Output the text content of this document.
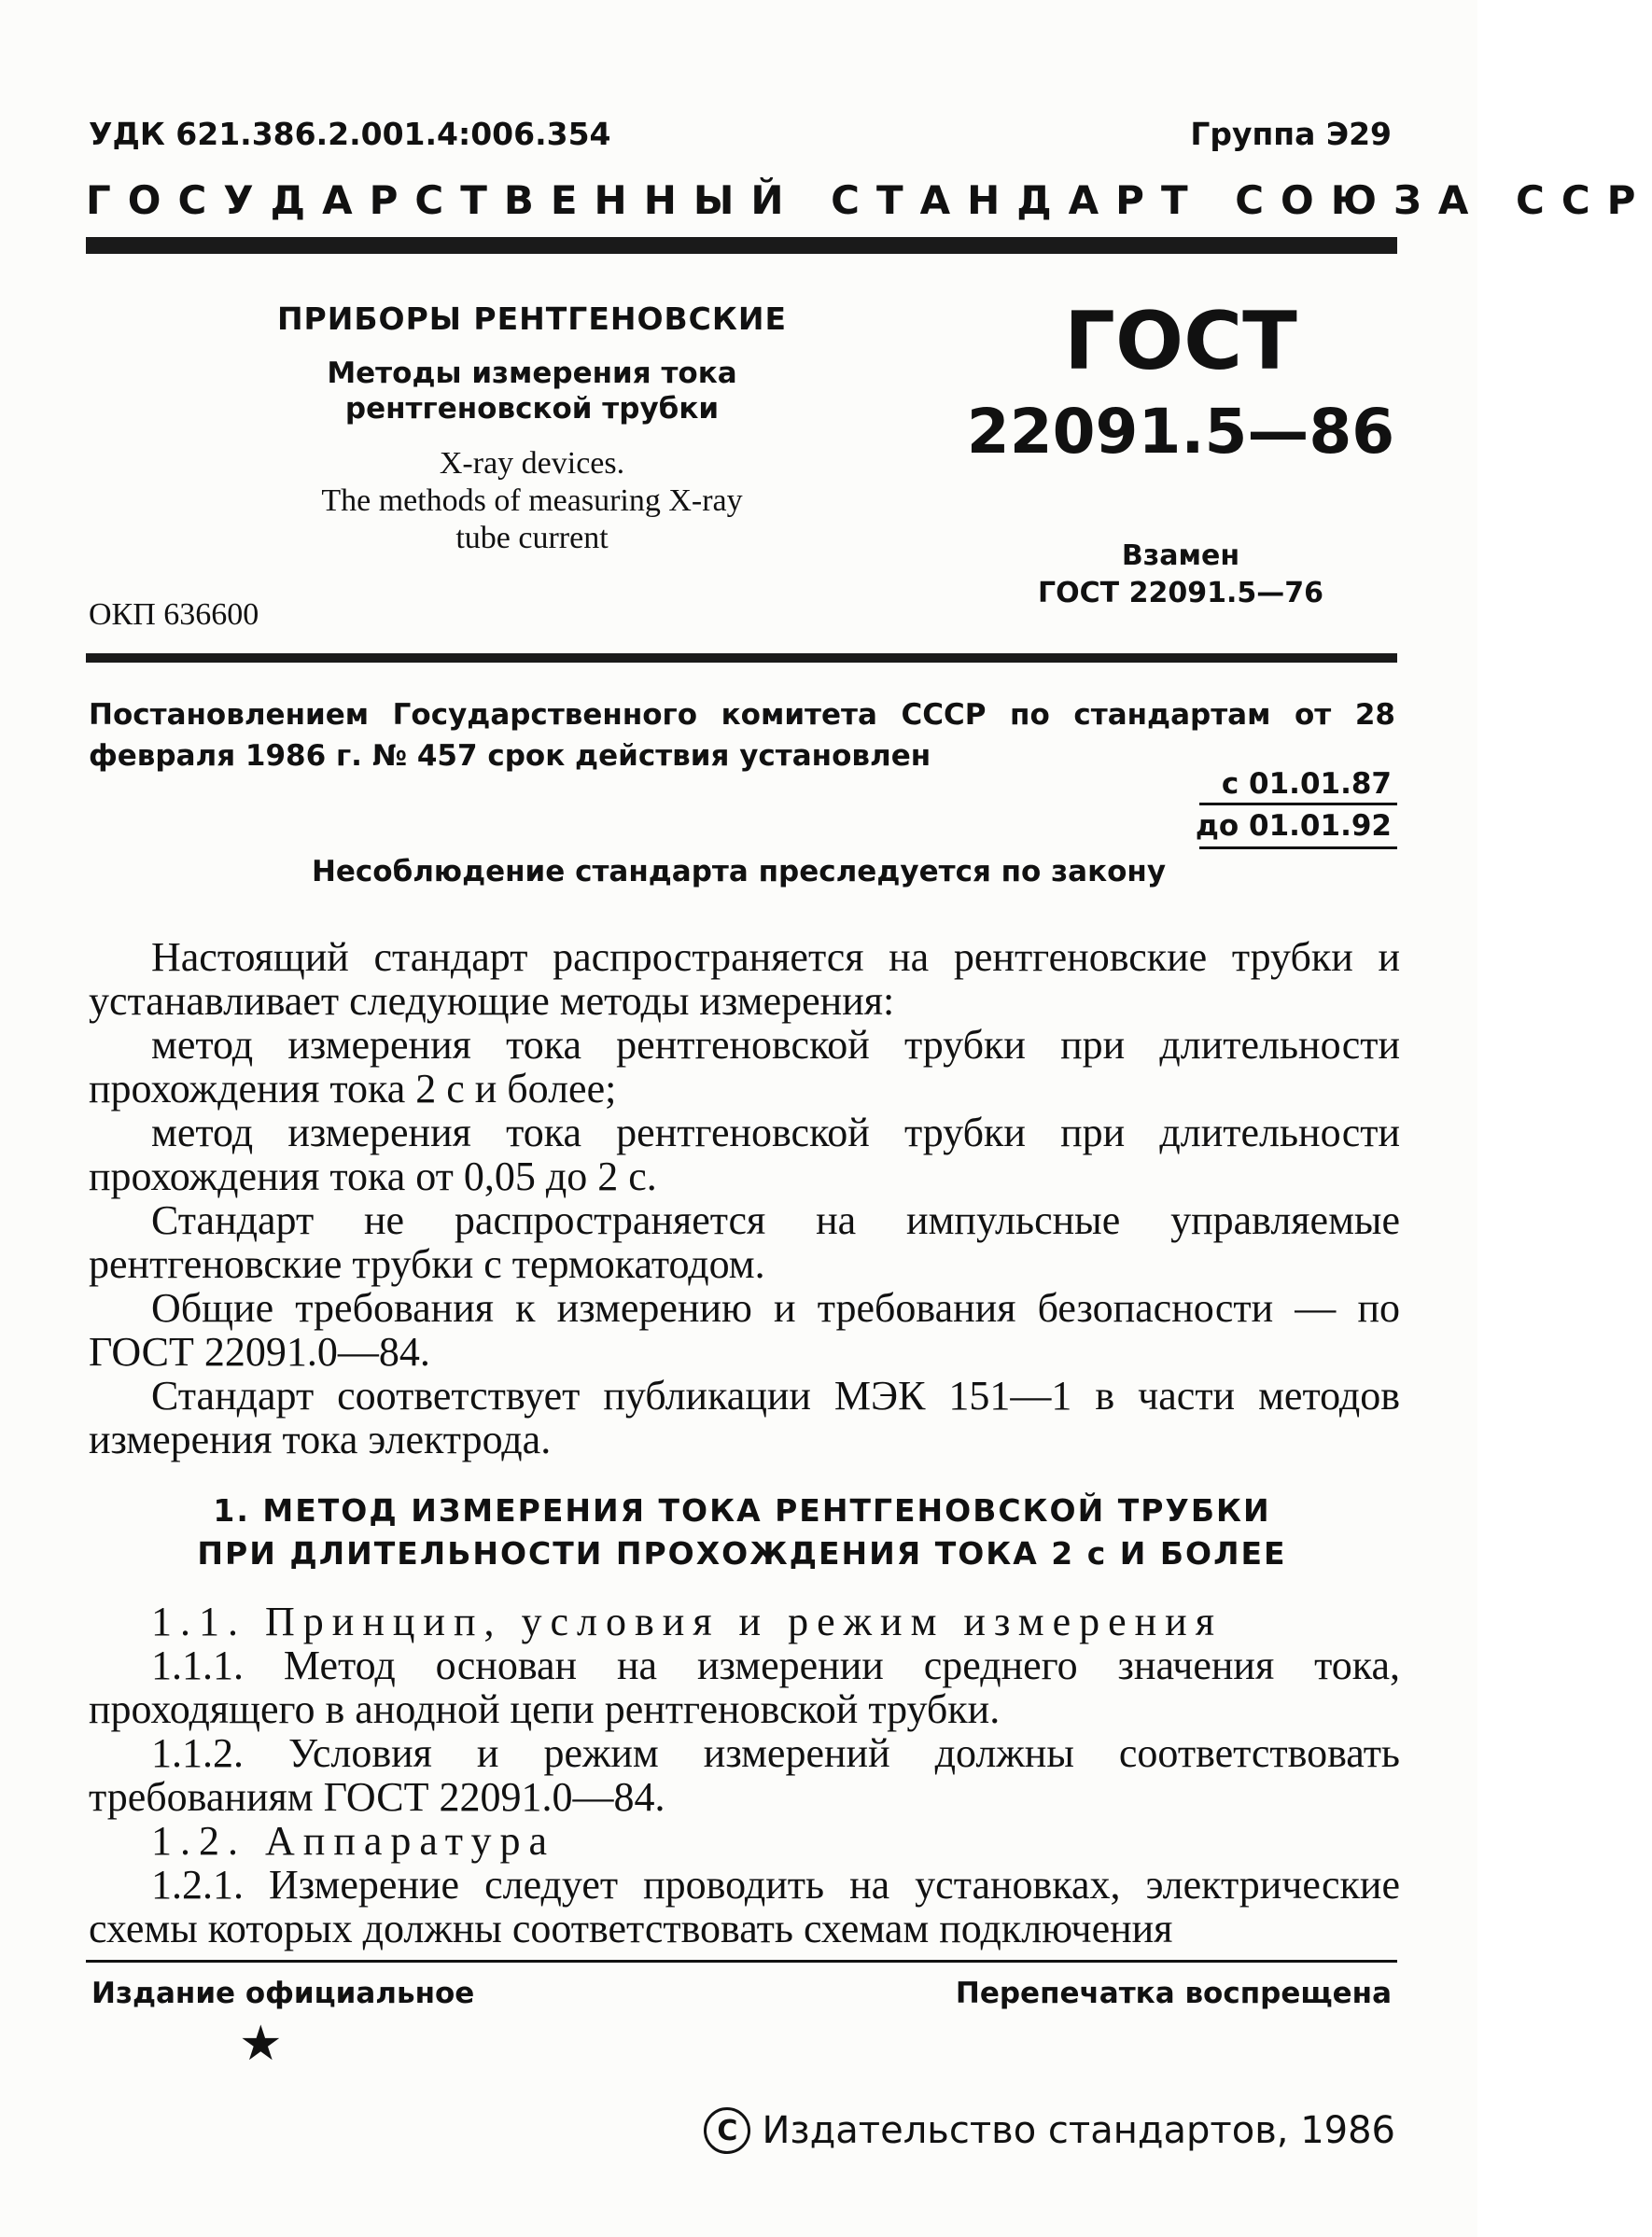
УДК 621.386.2.001.4:006.354	Группа Э29
ГОСУДАРСТВЕННЫЙ СТАНДАРТ СОЮЗА ССР
ПРИБОРЫ РЕНТГЕНОВСКИЕ
Методы измерения тока
рентгеновской трубки
X-ray devices.
The methods of measuring X-ray
tube current
ГОСТ
22091.5—86
Взамен
ГОСТ 22091.5—76
ОКП 636600
Постановлением Государственного комитета СССР по стандартам от 28 февраля 1986 г. № 457 срок действия установлен
с 01.01.87
до 01.01.92
Несоблюдение стандарта преследуется по закону

Настоящий стандарт распространяется на рентгеновские трубки и устанавливает следующие методы измерения:

метод измерения тока рентгеновской трубки при длительности прохождения тока 2 с и более;

метод измерения тока рентгеновской трубки при длительности прохождения тока от 0,05 до 2 с.

Стандарт не распространяется на импульсные управляемые рентгеновские трубки с термокатодом.

Общие требования к измерению и требования безопасности — по ГОСТ 22091.0—84.

Стандарт соответствует публикации МЭК 151—1 в части методов измерения тока электрода.

1. МЕТОД ИЗМЕРЕНИЯ ТОКА РЕНТГЕНОВСКОЙ ТРУБКИ
ПРИ ДЛИТЕЛЬНОСТИ ПРОХОЖДЕНИЯ ТОКА 2 с И БОЛЕЕ

1.1. Принцип, условия и режим измерения

1.1.1. Метод основан на измерении среднего значения тока, проходящего в анодной цепи рентгеновской трубки.

1.1.2. Условия и режим измерений должны соответствовать требованиям ГОСТ 22091.0—84.

1.2. Аппаратура

1.2.1. Измерение следует проводить на установках, электрические схемы которых должны соответствовать схемам подключения

Издание официальное	Перепечатка воспрещена
★
C Издательство стандартов, 1986
